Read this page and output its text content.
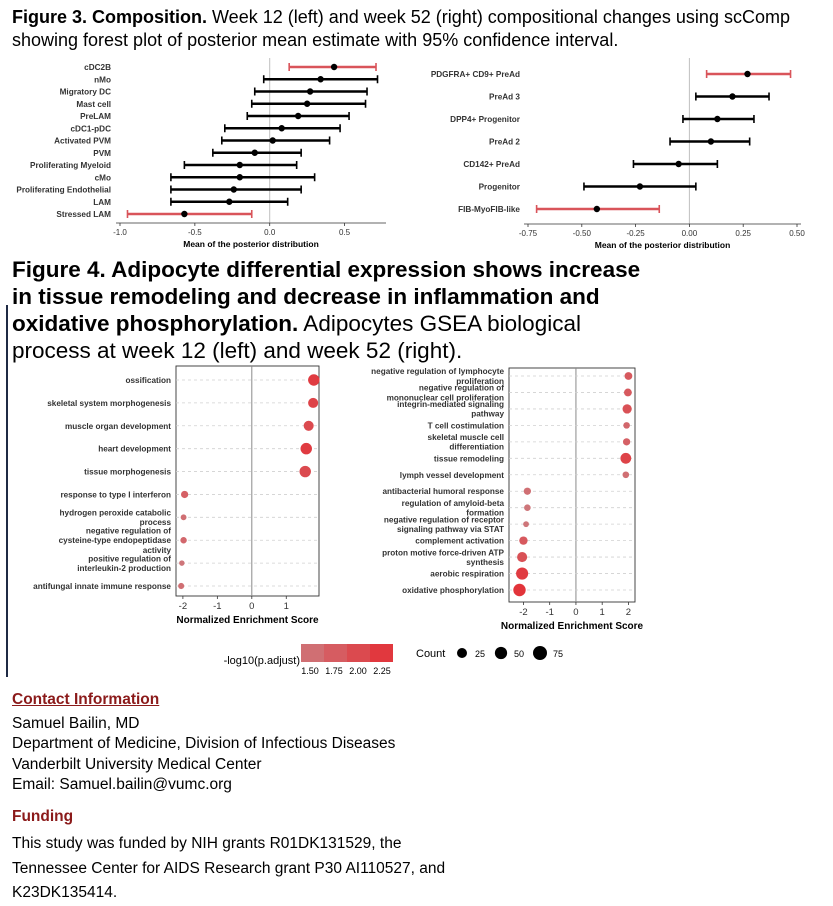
Figure 3. Composition. Week 12 (left) and week 52 (right) compositional changes using scComp showing forest plot of posterior mean estimate with 95% confidence interval.

cDC2B
nMo
Migratory DC
Mast cell
PreLAM
cDC1-pDC
Activated PVM
PVM
Proliferating Myeloid
cMo
Proliferating Endothelial
LAM
Stressed LAM
-1.0	-0.5	0.0	0.5
Mean of the posterior distribution
PDGFRA+ CD9+ PreAd
PreAd 3
DPP4+ Progenitor
PreAd 2
CD142+ PreAd
Progenitor
FIB-MyoFIB-like
-0.75	-0.50	-0.25	0.00	0.25	0.50
Mean of the posterior distribution

Figure 4. Adipocyte differential expression shows increase in tissue remodeling and decrease in inflammation and oxidative phosphorylation. Adipocytes GSEA biological process at week 12 (left) and week 52 (right).

ossification
skeletal system morphogenesis
muscle organ development
heart development
tissue morphogenesis
response to type I interferon
hydrogen peroxide catabolic process
negative regulation of cysteine-type endopeptidase activity
positive regulation of interleukin-2 production
antifungal innate immune response
-2	-1	0	1
Normalized Enrichment Score
negative regulation of lymphocyte proliferation
negative regulation of mononuclear cell proliferation
integrin-mediated signaling pathway
T cell costimulation
skeletal muscle cell differentiation
tissue remodeling
lymph vessel development
antibacterial humoral response
regulation of amyloid-beta formation
negative regulation of receptor signaling pathway via STAT
complement activation
proton motive force-driven ATP synthesis
aerobic respiration
oxidative phosphorylation
-2 -1 0 1 2
Normalized Enrichment Score
-log10(p.adjust)
1.50 1.75 2.00 2.25
Count	25	50	75
Contact Information
Samuel Bailin, MD
Department of Medicine, Division of Infectious Diseases
Vanderbilt University Medical Center
Email: Samuel.bailin@vumc.org
Funding

This study was funded by NIH grants R01DK131529, the
Tennessee Center for AIDS Research grant P30 AI110527, and
K23DK135414.
